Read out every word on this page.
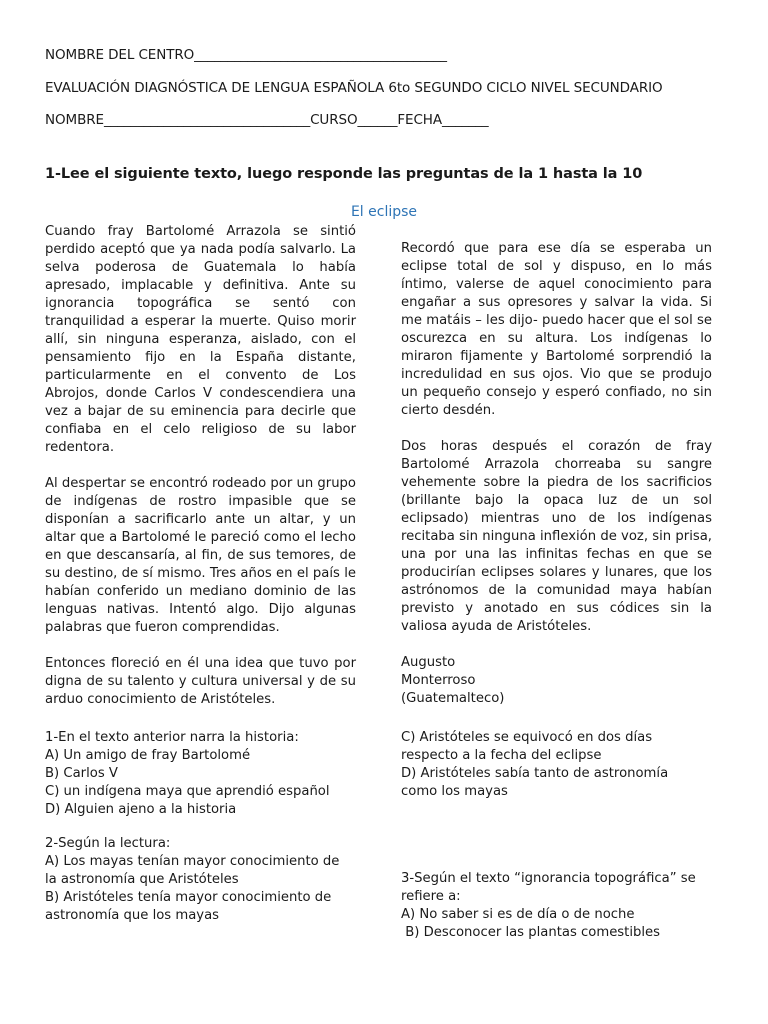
NOMBRE DEL CENTRO______________________________________
EVALUACIÓN DIAGNÓSTICA DE LENGUA ESPAÑOLA 6to SEGUNDO CICLO NIVEL SECUNDARIO
NOMBRE_______________________________CURSO______FECHA_______
1-Lee el siguiente texto, luego responde las preguntas de la 1 hasta la 10
El eclipse

Cuando fray Bartolomé Arrazola se sintió perdido aceptó que ya nada podía salvarlo. La selva poderosa de Guatemala lo había apresado, implacable y definitiva. Ante su ignorancia topográfica se sentó con tranquilidad a esperar la muerte. Quiso morir allí, sin ninguna esperanza, aislado, con el pensamiento fijo en la España distante, particularmente en el convento de Los Abrojos, donde Carlos V condescendiera una vez a bajar de su eminencia para decirle que confiaba en el celo religioso de su labor redentora.

Al despertar se encontró rodeado por un grupo de indígenas de rostro impasible que se disponían a sacrificarlo ante un altar, y un altar que a Bartolomé le pareció como el lecho en que descansaría, al fin, de sus temores, de su destino, de sí mismo. Tres años en el país le habían conferido un mediano dominio de las lenguas nativas. Intentó algo. Dijo algunas palabras que fueron comprendidas.

Entonces floreció en él una idea que tuvo por digna de su talento y cultura universal y de su arduo conocimiento de Aristóteles.

Recordó que para ese día se esperaba un eclipse total de sol y dispuso, en lo más íntimo, valerse de aquel conocimiento para engañar a sus opresores y salvar la vida. Si me matáis – les dijo- puedo hacer que el sol se oscurezca en su altura. Los indígenas lo miraron fijamente y Bartolomé sorprendió la incredulidad en sus ojos. Vio que se produjo un pequeño consejo y esperó confiado, no sin cierto desdén.

Dos horas después el corazón de fray Bartolomé Arrazola chorreaba su sangre vehemente sobre la piedra de los sacrificios (brillante bajo la opaca luz de un sol eclipsado) mientras uno de los indígenas recitaba sin ninguna inflexión de voz, sin prisa, una por una las infinitas fechas en que se producirían eclipses solares y lunares, que los astrónomos de la comunidad maya habían previsto y anotado en sus códices sin la valiosa ayuda de Aristóteles.

Augusto
Monterroso
(Guatemalteco)
1-En el texto anterior narra la historia:
A) Un amigo de fray Bartolomé
B) Carlos V
C) un indígena maya que aprendió español
D) Alguien ajeno a la historia
2-Según la lectura:
A) Los mayas tenían mayor conocimiento de
la astronomía que Aristóteles
B) Aristóteles tenía mayor conocimiento de
astronomía que los mayas
C) Aristóteles se equivocó en dos días
respecto a la fecha del eclipse
D) Aristóteles sabía tanto de astronomía
como los mayas
3-Según el texto “ignorancia topográfica” se
refiere a:
A) No saber si es de día o de noche
B) Desconocer las plantas comestibles
